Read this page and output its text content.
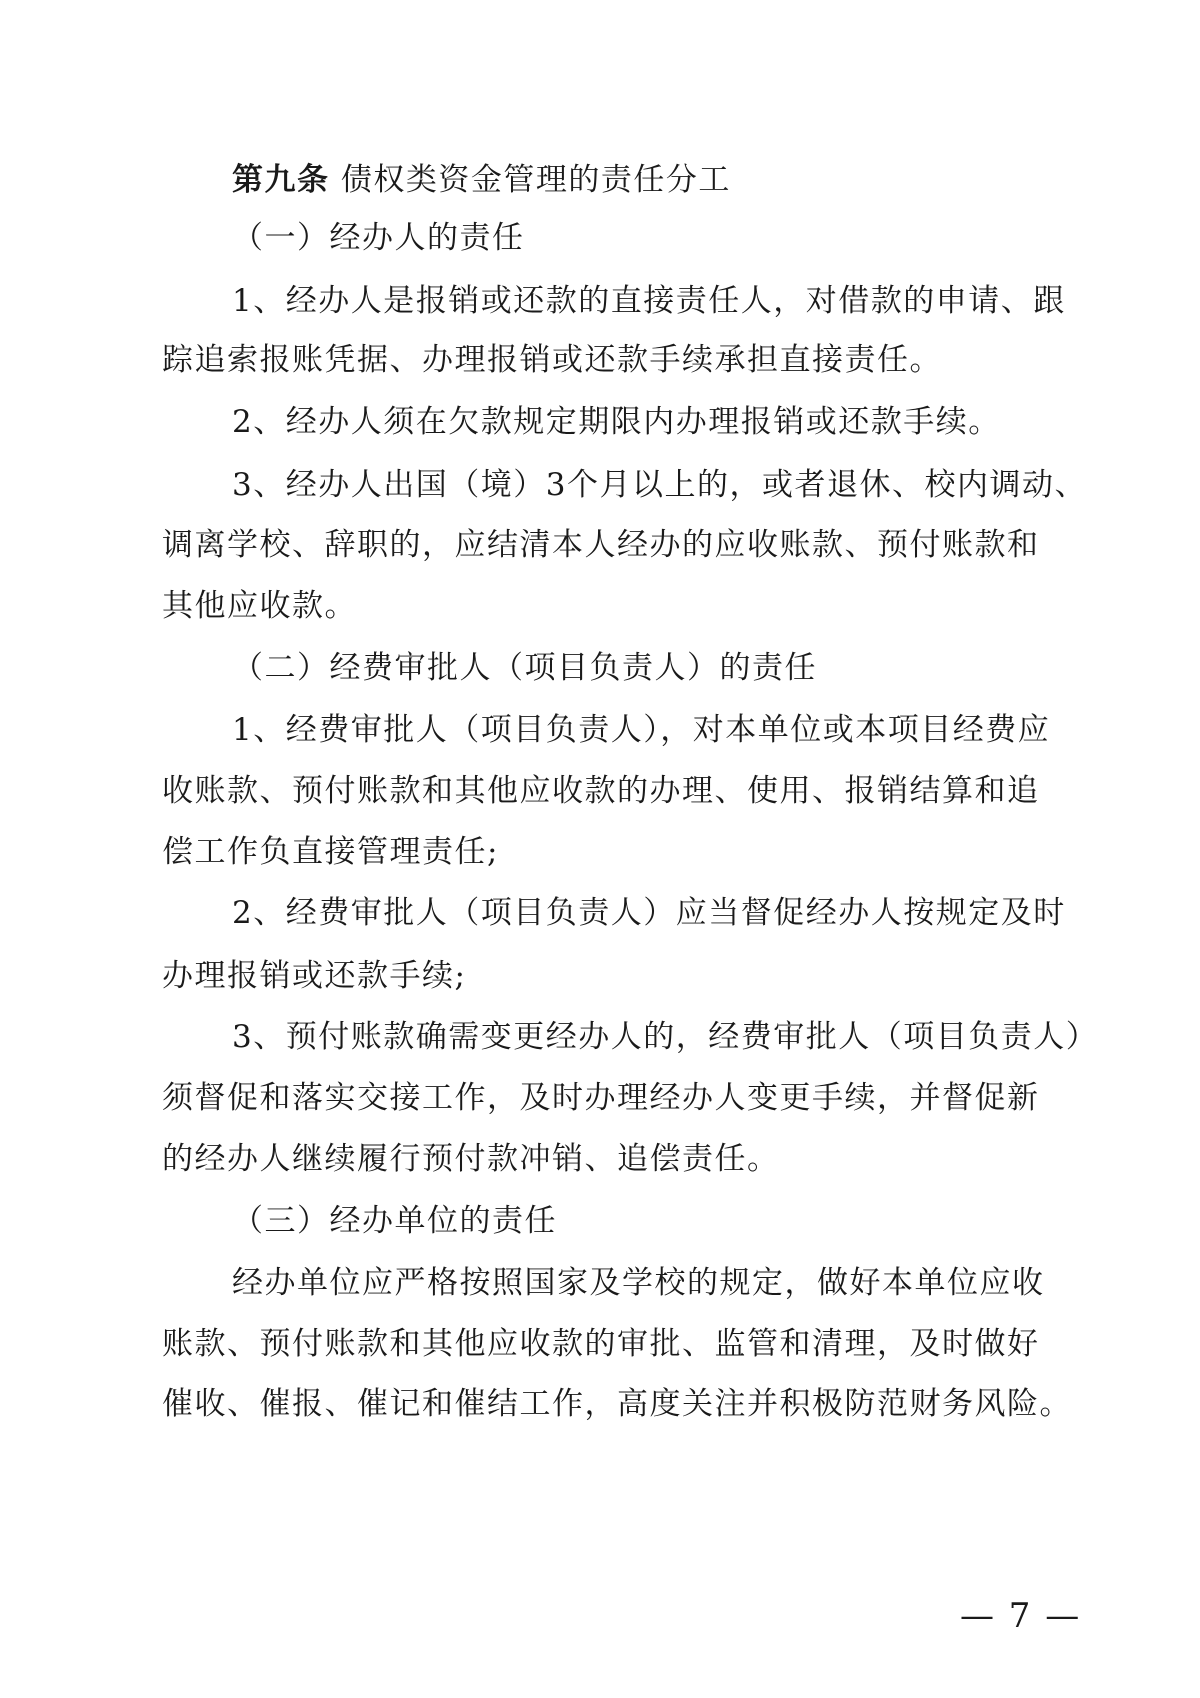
第九条 债权类资金管理的责任分工
（一）经办人的责任
1、经办人是报销或还款的直接责任人，对借款的申请、跟
踪追索报账凭据、办理报销或还款手续承担直接责任。
2、经办人须在欠款规定期限内办理报销或还款手续。
3、经办人出国（境）3个月以上的，或者退休、校内调动、
调离学校、辞职的，应结清本人经办的应收账款、预付账款和
其他应收款。
（二）经费审批人（项目负责人）的责任
1、经费审批人（项目负责人），对本单位或本项目经费应
收账款、预付账款和其他应收款的办理、使用、报销结算和追
偿工作负直接管理责任;
2、经费审批人（项目负责人）应当督促经办人按规定及时
办理报销或还款手续;
3、预付账款确需变更经办人的，经费审批人（项目负责人）
须督促和落实交接工作，及时办理经办人变更手续，并督促新
的经办人继续履行预付款冲销、追偿责任。
（三）经办单位的责任
经办单位应严格按照国家及学校的规定，做好本单位应收
账款、预付账款和其他应收款的审批、监管和清理，及时做好
催收、催报、催记和催结工作，高度关注并积极防范财务风险。
— 7 —
